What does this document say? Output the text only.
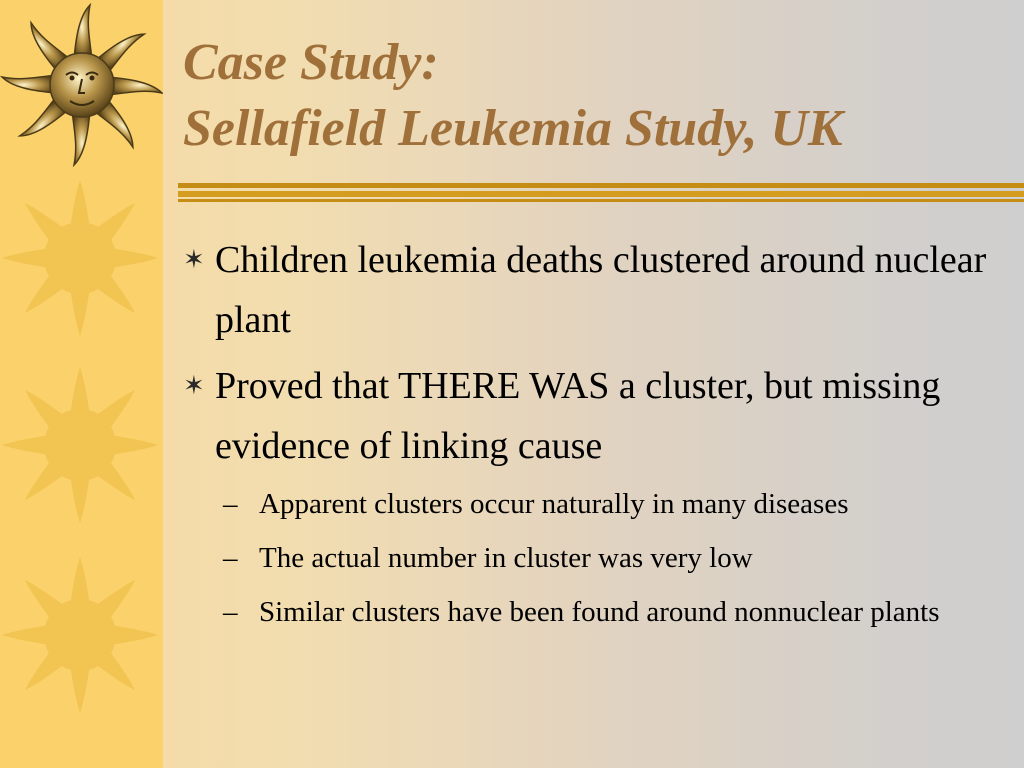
Case Study:
Sellafield Leukemia Study, UK
✶ Children leukemia deaths clustered around nuclear plant
✶ Proved that THERE WAS a cluster, but missing evidence of linking cause
– Apparent clusters occur naturally in many diseases
– The actual number in cluster was very low
– Similar clusters have been found around nonnuclear plants
